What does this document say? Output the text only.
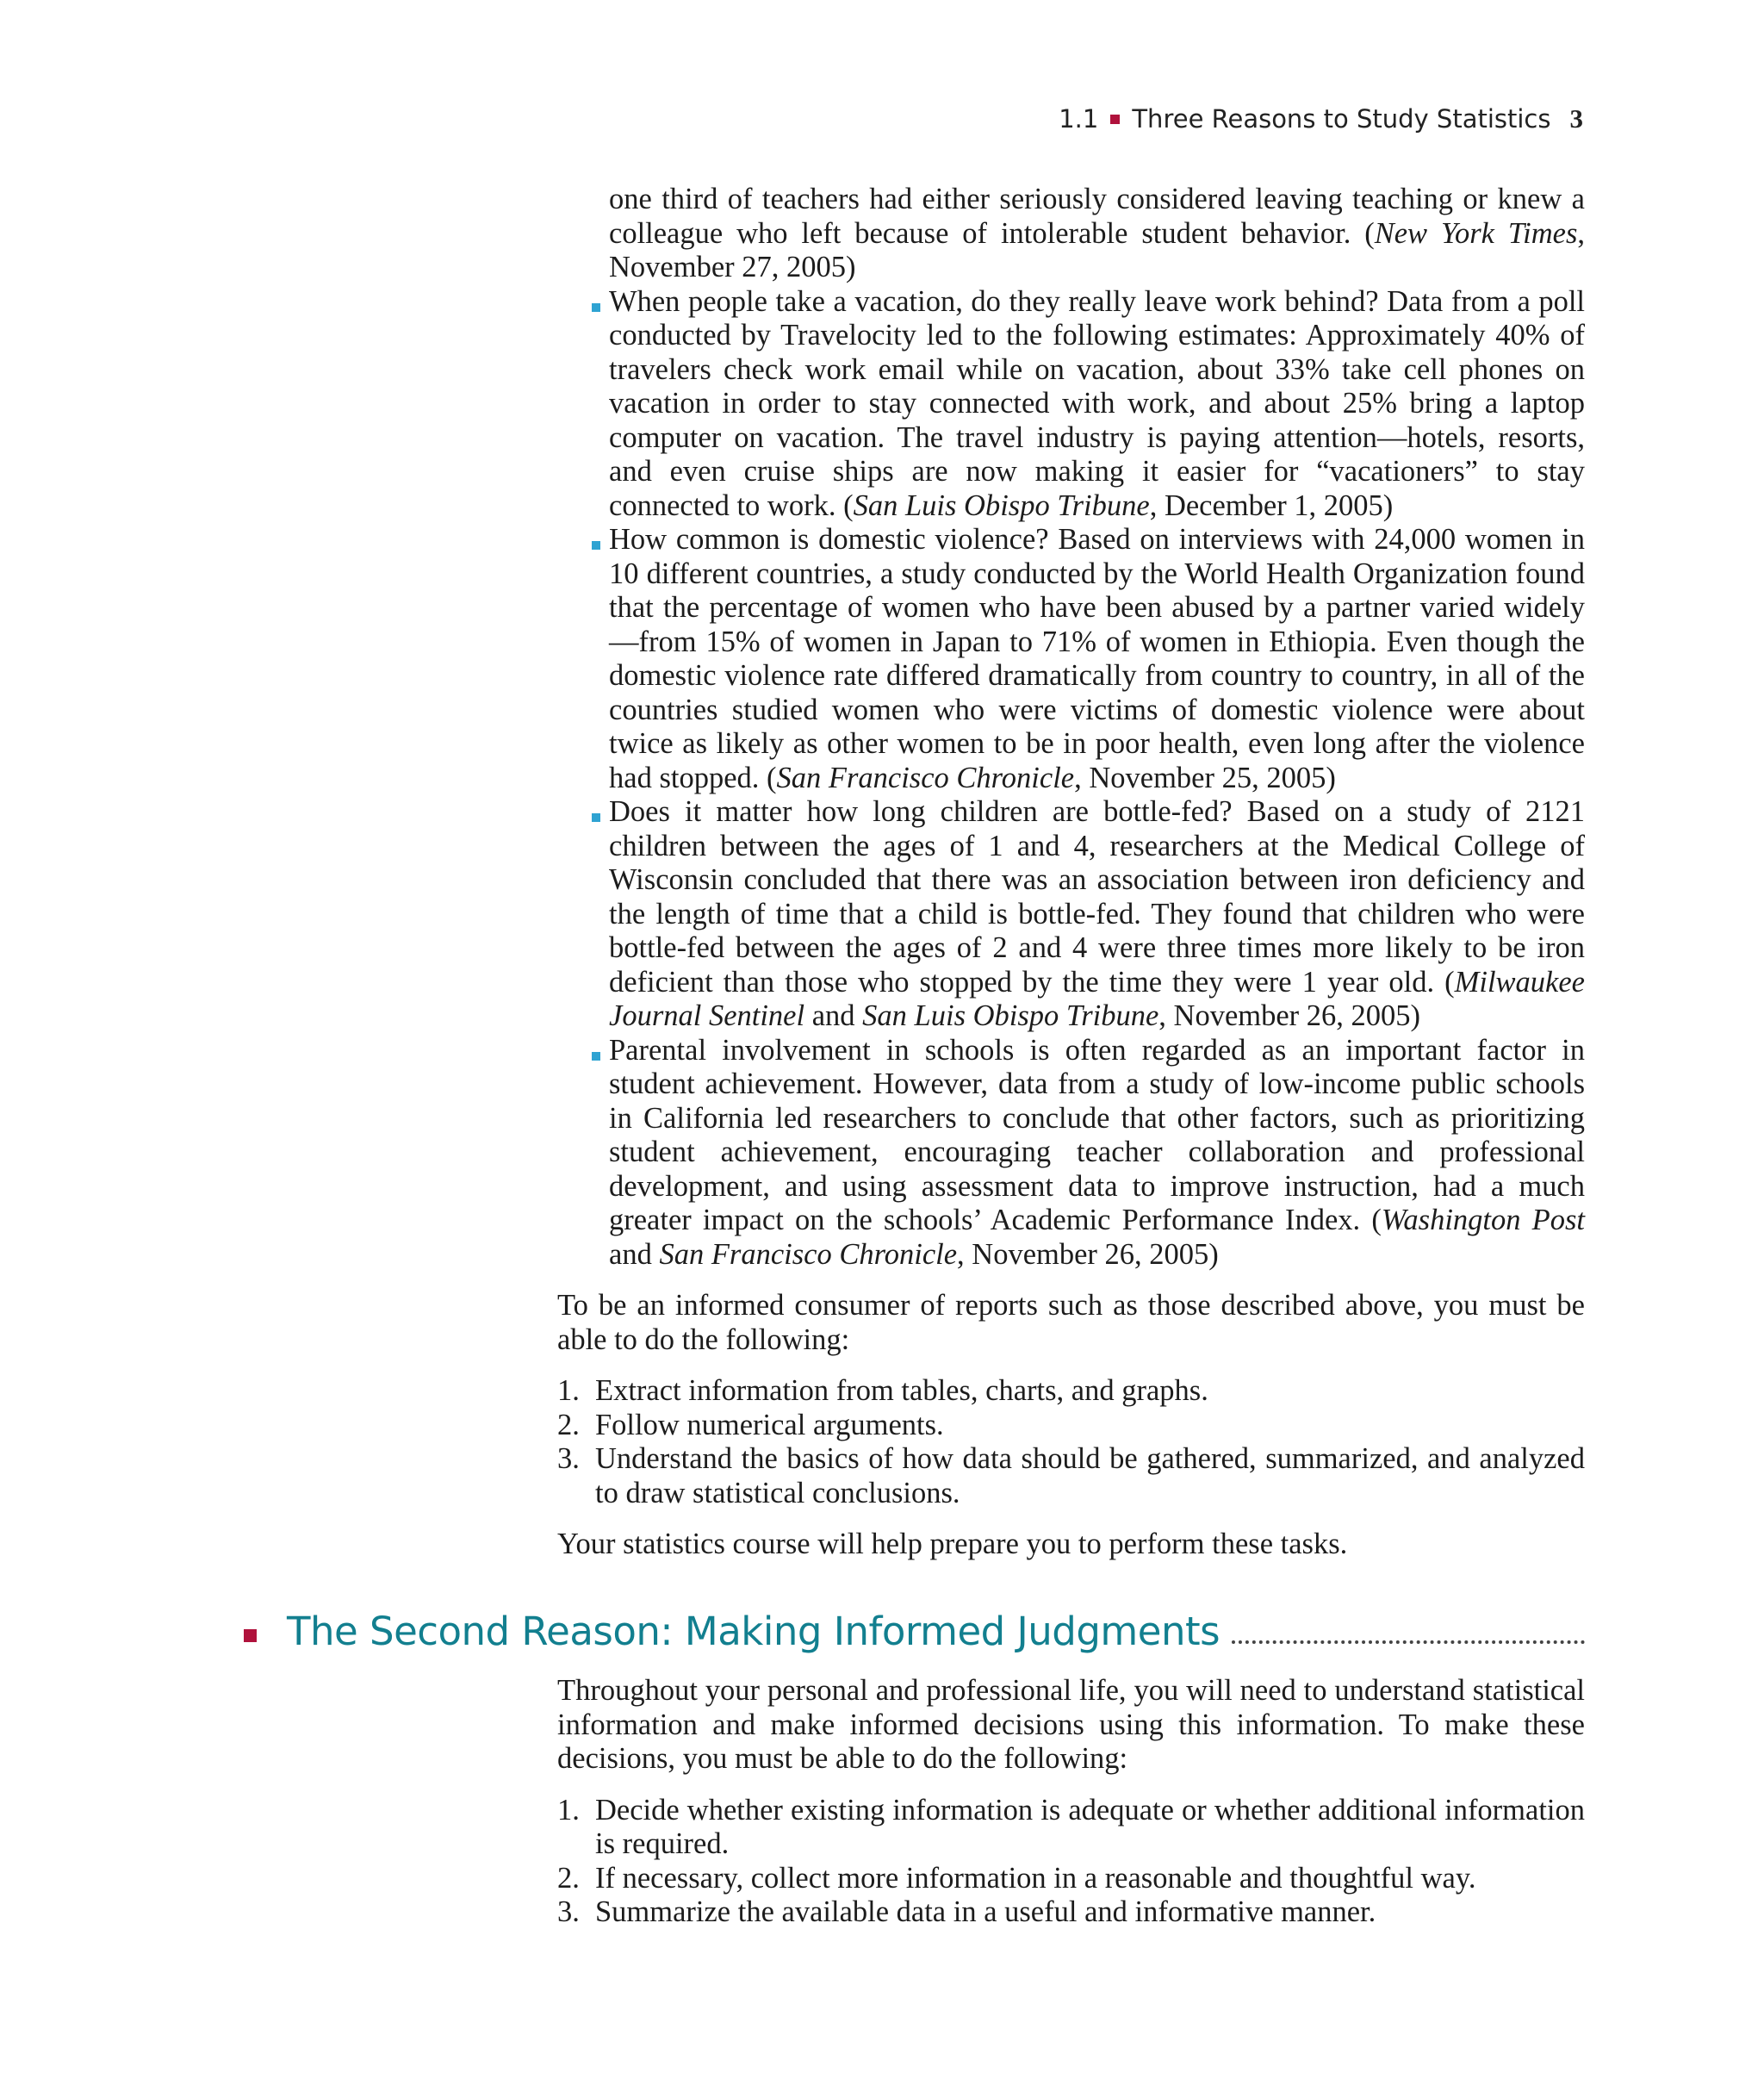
1.1 Three Reasons to Study Statistics 3
one third of teachers had either seriously considered leaving teaching or knew a colleague who left because of intolerable student behavior. (New York Times, November 27, 2005)
When people take a vacation, do they really leave work behind? Data from a poll conducted by Travelocity led to the following estimates: Approximately 40% of travelers check work email while on vacation, about 33% take cell phones on vacation in order to stay connected with work, and about 25% bring a laptop computer on vacation. The travel industry is paying attention—hotels, resorts, and even cruise ships are now making it easier for “vacationers” to stay connected to work. (San Luis Obispo Tribune, December 1, 2005)
How common is domestic violence? Based on interviews with 24,000 women in 10 different countries, a study conducted by the World Health Organization found that the percentage of women who have been abused by a partner varied widely—from 15% of women in Japan to 71% of women in Ethiopia. Even though the domestic violence rate differed dramatically from country to country, in all of the countries studied women who were victims of domestic violence were about twice as likely as other women to be in poor health, even long after the violence had stopped. (San Francisco Chronicle, November 25, 2005)
Does it matter how long children are bottle-fed? Based on a study of 2121 children between the ages of 1 and 4, researchers at the Medical College of Wisconsin concluded that there was an association between iron deficiency and the length of time that a child is bottle-fed. They found that children who were bottle-fed between the ages of 2 and 4 were three times more likely to be iron deficient than those who stopped by the time they were 1 year old. (Milwaukee Journal Sentinel and San Luis Obispo Tribune, November 26, 2005)
Parental involvement in schools is often regarded as an important factor in student achievement. However, data from a study of low-income public schools in California led researchers to conclude that other factors, such as prioritizing student achievement, encouraging teacher collaboration and professional development, and using assessment data to improve instruction, had a much greater impact on the schools’ Academic Performance Index. (Washington Post and San Francisco Chronicle, November 26, 2005)

To be an informed consumer of reports such as those described above, you must be able to do the following:

1. Extract information from tables, charts, and graphs.
2. Follow numerical arguments.
3. Understand the basics of how data should be gathered, summarized, and analyzed to draw statistical conclusions.

Your statistics course will help prepare you to perform these tasks.

The Second Reason: Making Informed Judgments

Throughout your personal and professional life, you will need to understand statistical information and make informed decisions using this information. To make these decisions, you must be able to do the following:

1. Decide whether existing information is adequate or whether additional information is required.
2. If necessary, collect more information in a reasonable and thoughtful way.
3. Summarize the available data in a useful and informative manner.
